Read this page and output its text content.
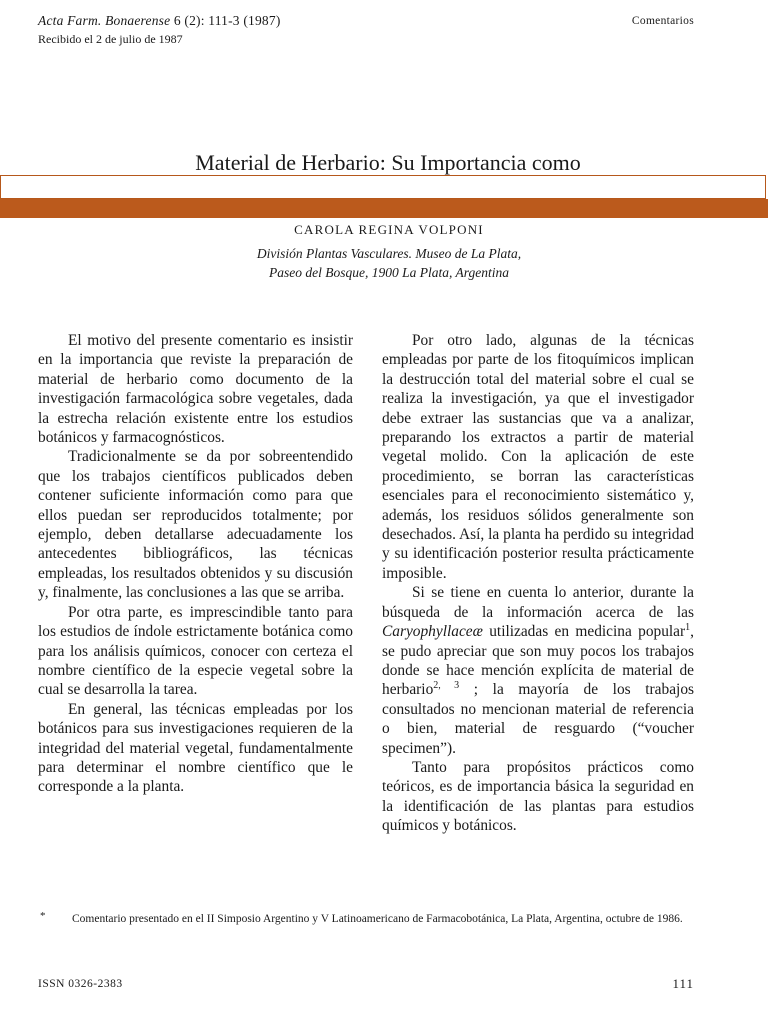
Acta Farm. Bonaerense 6 (2): 111-3 (1987)
Recibido el 2 de julio de 1987
Comentarios
Material de Herbario: Su Importancia como
CAROLA REGINA VOLPONI
División Plantas Vasculares. Museo de La Plata,
Paseo del Bosque, 1900 La Plata, Argentina

El motivo del presente comentario es insistir en la importancia que reviste la preparación de material de herbario como documento de la investigación farmacológica sobre vegetales, dada la estrecha relación existente entre los estudios botánicos y farmacognósticos.

Tradicionalmente se da por sobreentendido que los trabajos científicos publicados deben contener suficiente información como para que ellos puedan ser reproducidos totalmente; por ejemplo, deben detallarse adecuadamente los antecedentes bibliográficos, las técnicas empleadas, los resultados obtenidos y su discusión y, finalmente, las conclusiones a las que se arriba.

Por otra parte, es imprescindible tanto para los estudios de índole estrictamente botánica como para los análisis químicos, conocer con certeza el nombre científico de la especie vegetal sobre la cual se desarrolla la tarea.

En general, las técnicas empleadas por los botánicos para sus investigaciones requieren de la integridad del material vegetal, fundamentalmente para determinar el nombre científico que le corresponde a la planta.

Por otro lado, algunas de la técnicas empleadas por parte de los fitoquímicos implican la destrucción total del material sobre el cual se realiza la investigación, ya que el investigador debe extraer las sustancias que va a analizar, preparando los extractos a partir de material vegetal molido. Con la aplicación de este procedimiento, se borran las características esenciales para el reconocimiento sistemático y, además, los residuos sólidos generalmente son desechados. Así, la planta ha perdido su integridad y su identificación posterior resulta prácticamente imposible.

Si se tiene en cuenta lo anterior, durante la búsqueda de la información acerca de las Caryophyllaceæ utilizadas en medicina popular$^1$, se pudo apreciar que son muy pocos los trabajos donde se hace mención explícita de material de herbario$^{2, 3}$ ; la mayoría de los trabajos consultados no mencionan material de referencia o bien, material de resguardo (“voucher specimen”).

Tanto para propósitos prácticos como teóricos, es de importancia básica la seguridad en la identificación de las plantas para estudios químicos y botánicos.

*	Comentario presentado en el II Simposio Argentino y V Latinoamericano de Farmacobotánica, La Plata, Argentina, octubre de 1986.
ISSN 0326-2383	111
